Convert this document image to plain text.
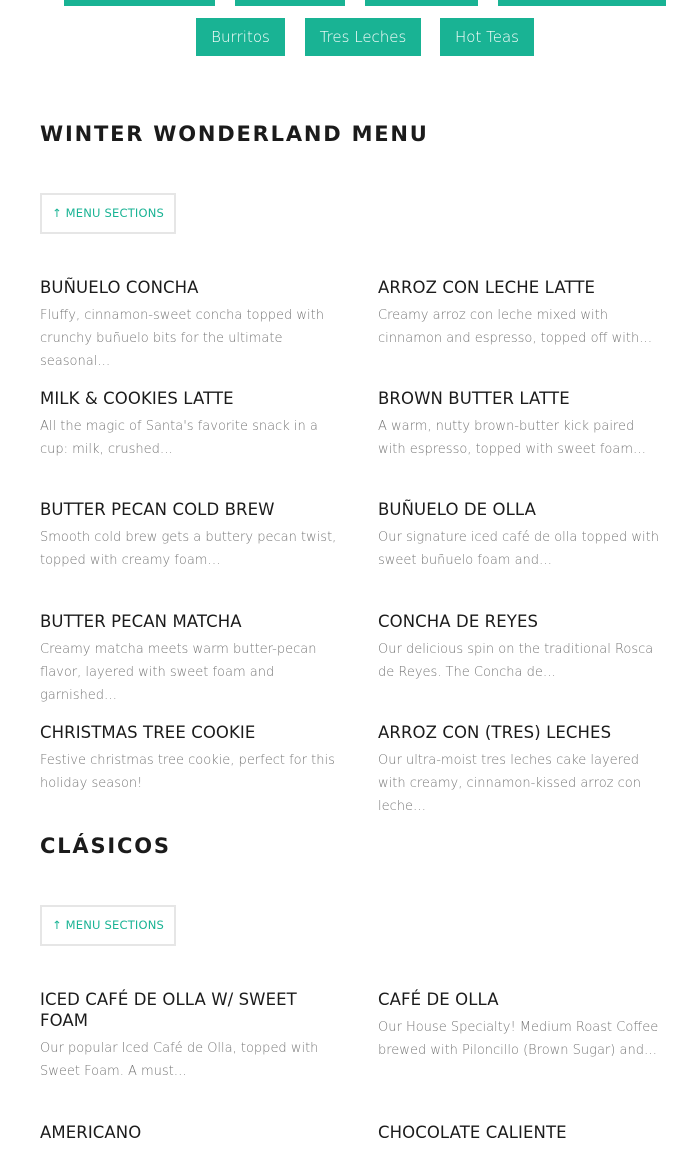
Burritos	Tres Leches	Hot Teas
WINTER WONDERLAND MENU
↑ MENU SECTIONS
BUÑUELO CONCHA
Fluffy, cinnamon-sweet concha topped with crunchy buñuelo bits for the ultimate seasonal…
ARROZ CON LECHE LATTE
Creamy arroz con leche mixed with cinnamon and espresso, topped off with…
MILK & COOKIES LATTE
All the magic of Santa's favorite snack in a cup: milk, crushed…
BROWN BUTTER LATTE
A warm, nutty brown-butter kick paired with espresso, topped with sweet foam…
BUTTER PECAN COLD BREW
Smooth cold brew gets a buttery pecan twist, topped with creamy foam…
BUÑUELO DE OLLA
Our signature iced café de olla topped with sweet buñuelo foam and…
BUTTER PECAN MATCHA
Creamy matcha meets warm butter-pecan flavor, layered with sweet foam and garnished…
CONCHA DE REYES
Our delicious spin on the traditional Rosca de Reyes. The Concha de…
CHRISTMAS TREE COOKIE
Festive christmas tree cookie, perfect for this holiday season!
ARROZ CON (TRES) LECHES
Our ultra-moist tres leches cake layered with creamy, cinnamon-kissed arroz con leche…
CLÁSICOS
↑ MENU SECTIONS
ICED CAFÉ DE OLLA W/ SWEET FOAM
Our popular Iced Café de Olla, topped with Sweet Foam. A must…
CAFÉ DE OLLA
Our House Specialty! Medium Roast Coffee brewed with Piloncillo (Brown Sugar) and…
AMERICANO	CHOCOLATE CALIENTE
